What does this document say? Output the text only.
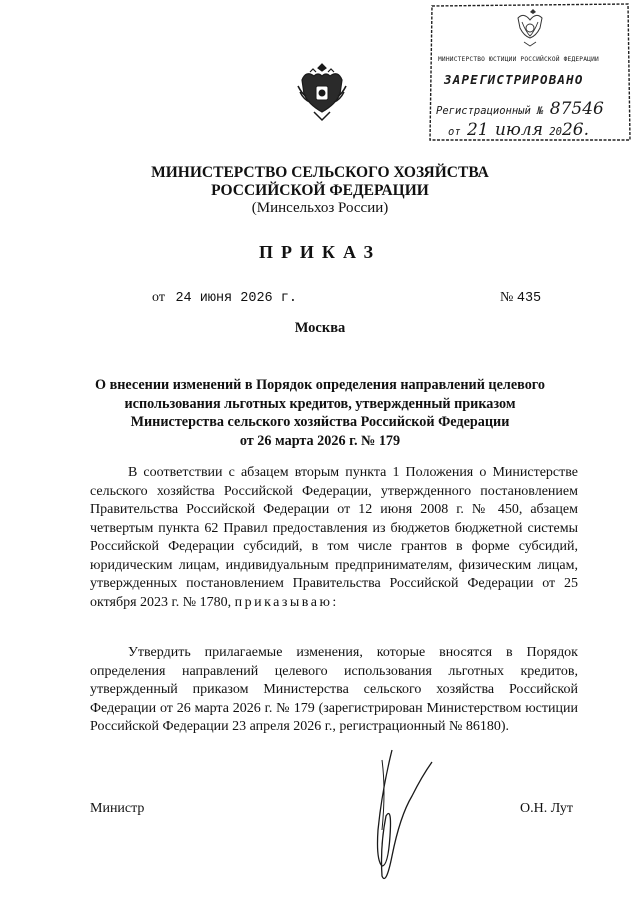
МИНИСТЕРСТВО ЮСТИЦИИ РОССИЙСКОЙ ФЕДЕРАЦИИ
ЗАРЕГИСТРИРОВАНО
Регистрационный № 87546
от 21 июля 2026.
МИНИСТЕРСТВО СЕЛЬСКОГО ХОЗЯЙСТВА
РОССИЙСКОЙ ФЕДЕРАЦИИ
(Минсельхоз России)
ПРИКАЗ
от 24 июня 2026 г.	№ 435
Москва
О внесении изменений в Порядок определения направлений целевого
использования льготных кредитов, утвержденный приказом
Министерства сельского хозяйства Российской Федерации
от 26 марта 2026 г. № 179
В соответствии с абзацем вторым пункта 1 Положения о Министерстве сельского хозяйства Российской Федерации, утвержденного постановлением Правительства Российской Федерации от 12 июня 2008 г. № 450, абзацем четвертым пункта 62 Правил предоставления из бюджетов бюджетной системы Российской Федерации субсидий, в том числе грантов в форме субсидий, юридическим лицам, индивидуальным предпринимателям, физическим лицам, утвержденных постановлением Правительства Российской Федерации от 25 октября 2023 г. № 1780, приказываю:
Утвердить прилагаемые изменения, которые вносятся в Порядок определения направлений целевого использования льготных кредитов, утвержденный приказом Министерства сельского хозяйства Российской Федерации от 26 марта 2026 г. № 179 (зарегистрирован Министерством юстиции Российской Федерации 23 апреля 2026 г., регистрационный № 86180).
Министр	О.Н. Лут
